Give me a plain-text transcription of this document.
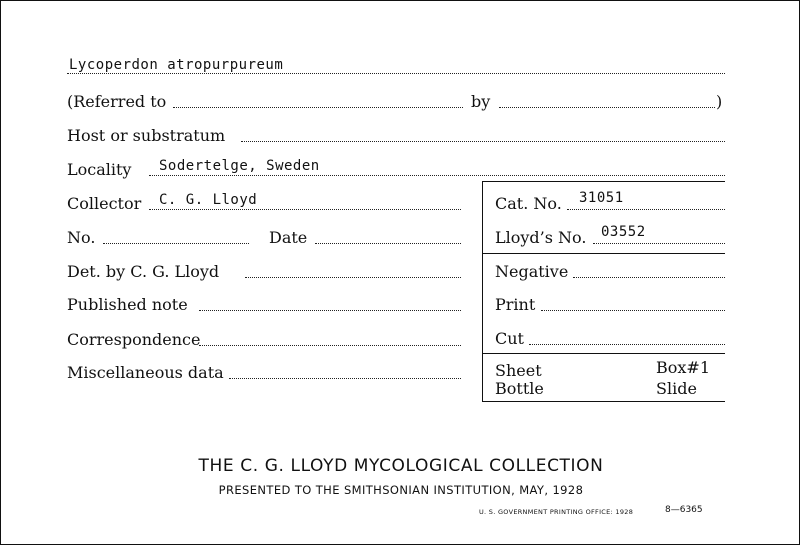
Lycoperdon atropurpureum
(Referred to	by	)
Host or substratum
Locality Sodertelge, Sweden
Collector C. G. Lloyd
No.	Date
Det. by C. G. Lloyd
Published note
Correspondence
Miscellaneous data
Cat. No. 31051
Lloyd’s No. 03552
Negative
Print
Cut
Sheet	Box#1
Bottle	Slide
THE C. G. LLOYD MYCOLOGICAL COLLECTION
PRESENTED TO THE SMITHSONIAN INSTITUTION, MAY, 1928
U. S. GOVERNMENT PRINTING OFFICE: 1928	8—6365
